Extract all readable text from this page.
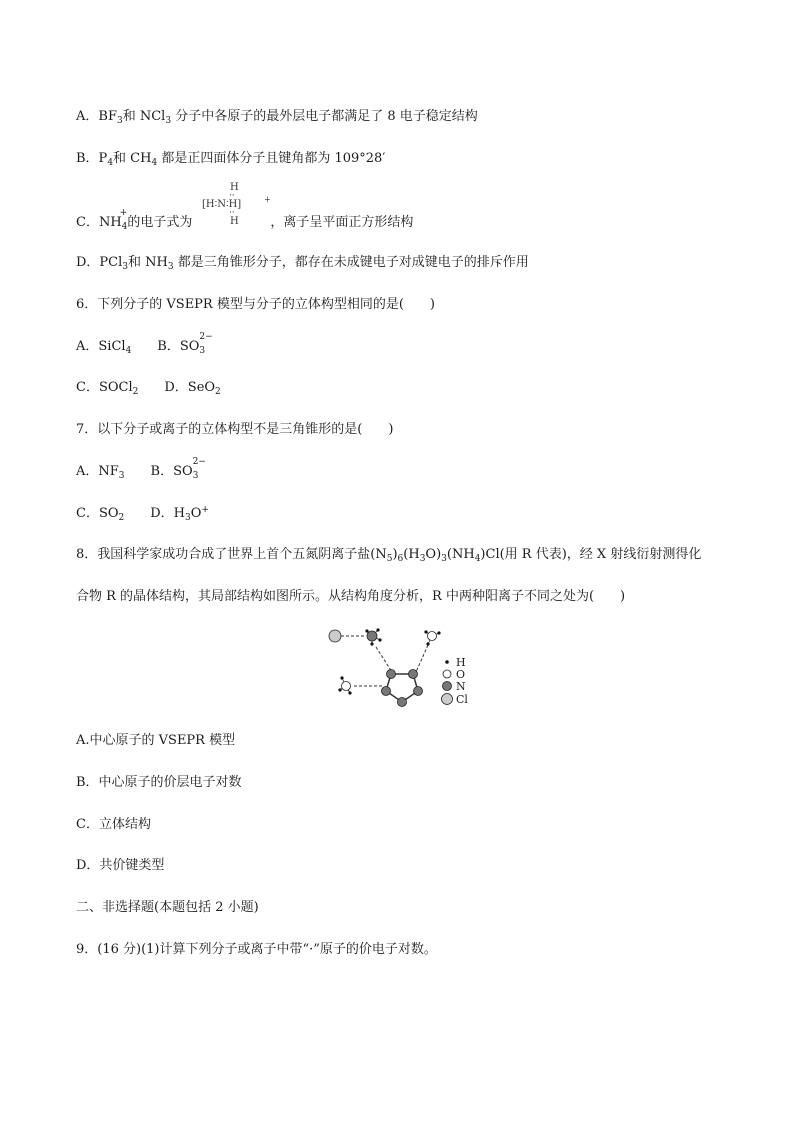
A．$BF_3$和 NCl$_3$ 分子中各原子的最外层电子都满足了 8 电子稳定结构
B．$P_4$和 $CH_4$ 都是正四面体分子且键角都为 109°28′
C．NH
+
$_4$的电子式为	，离子呈平面正方形结构
H
··
[H∶N∶H]	+
··
H
D．PCl$_3$和 $NH_3$ 都是三角锥形分子，都存在未成键电子对成键电子的排斥作用
6．下列分子的 VSEPR 模型与分子的立体构型相同的是(　　)
A．SiCl$_4$　　B．SO
2−
$_3$
C．SOCl$_2$　　D．SeO$_2$
7．以下分子或离子的立体构型不是三角锥形的是(　　)
A．$NF_3$　　B．SO
2−
$_3$
C．$SO_2$　　D．$H_3O^+$
8．我国科学家成功合成了世界上首个五氮阴离子盐$(N_5)_6(H_3O)_3(NH_4)Cl$(用 R 代表)，经 X 射线衍射测得化
合物 R 的晶体结构，其局部结构如图所示。从结构角度分析，R 中两种阳离子不同之处为(　　)
H
O
N
Cl
A.中心原子的 VSEPR 模型
B．中心原子的价层电子对数
C．立体结构
D．共价键类型
二、非选择题(本题包括 2 小题)
9．(16 分)(1)计算下列分子或离子中带“·”原子的价电子对数。
